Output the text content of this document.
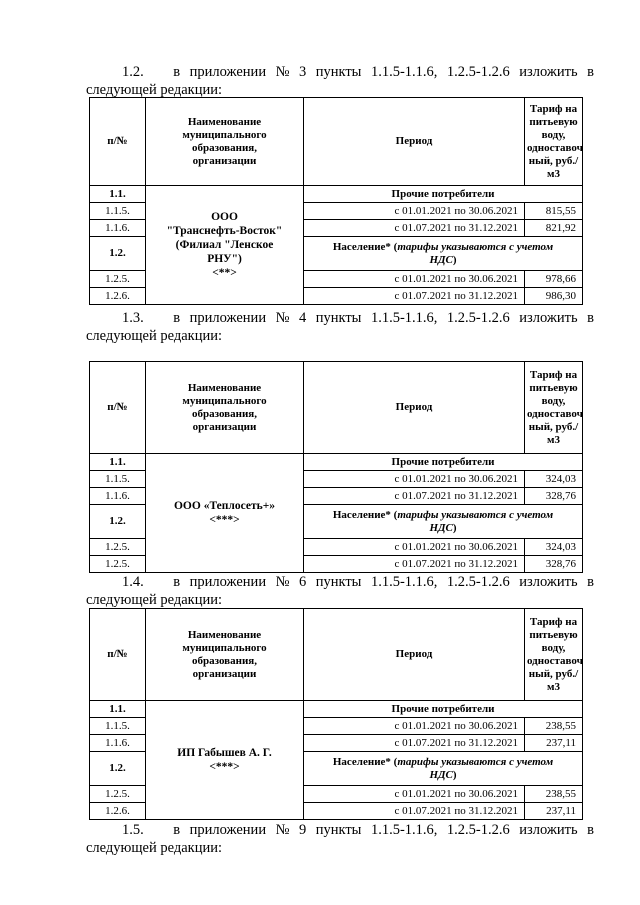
1.2. в приложении № 3 пункты 1.1.5-1.1.6, 1.2.5-1.2.6 изложить в
следующей редакции:
п/№	Наименование муниципального образования, организации	Период	Тариф на питьевую воду, одноставоч ный, руб./м3
1.1.	ООО
"Транснефть-Восток"
(Филиал "Ленское
РНУ")
<**>	Прочие потребители	
1.1.5.		с 01.01.2021 по 30.06.2021	815,55
1.1.6.		с 01.07.2021 по 31.12.2021	821,92
1.2.		Население* (тарифы указываются с учетом
НДС)	
1.2.5.		с 01.01.2021 по 30.06.2021	978,66
1.2.6.		с 01.07.2021 по 31.12.2021	986,30
1.3. в приложении № 4 пункты 1.1.5-1.1.6, 1.2.5-1.2.6 изложить в
следующей редакции:
п/№	Наименование муниципального образования, организации	Период	Тариф на питьевую воду, одноставоч ный, руб./м3
1.1.	ООО «Теплосеть+»
<***>	Прочие потребители	
1.1.5.		с 01.01.2021 по 30.06.2021	324,03
1.1.6.		с 01.07.2021 по 31.12.2021	328,76
1.2.		Население* (тарифы указываются с учетом
НДС)	
1.2.5.		с 01.01.2021 по 30.06.2021	324,03
1.2.5.		с 01.07.2021 по 31.12.2021	328,76
1.4. в приложении № 6 пункты 1.1.5-1.1.6, 1.2.5-1.2.6 изложить в
следующей редакции:
п/№	Наименование муниципального образования, организации	Период	Тариф на питьевую воду, одноставоч ный, руб./м3
1.1.	ИП Габышев А. Г.
<***>	Прочие потребители	
1.1.5.		с 01.01.2021 по 30.06.2021	238,55
1.1.6.		с 01.07.2021 по 31.12.2021	237,11
1.2.		Население* (тарифы указываются с учетом
НДС)	
1.2.5.		с 01.01.2021 по 30.06.2021	238,55
1.2.6.		с 01.07.2021 по 31.12.2021	237,11
1.5. в приложении № 9 пункты 1.1.5-1.1.6, 1.2.5-1.2.6 изложить в
следующей редакции:
